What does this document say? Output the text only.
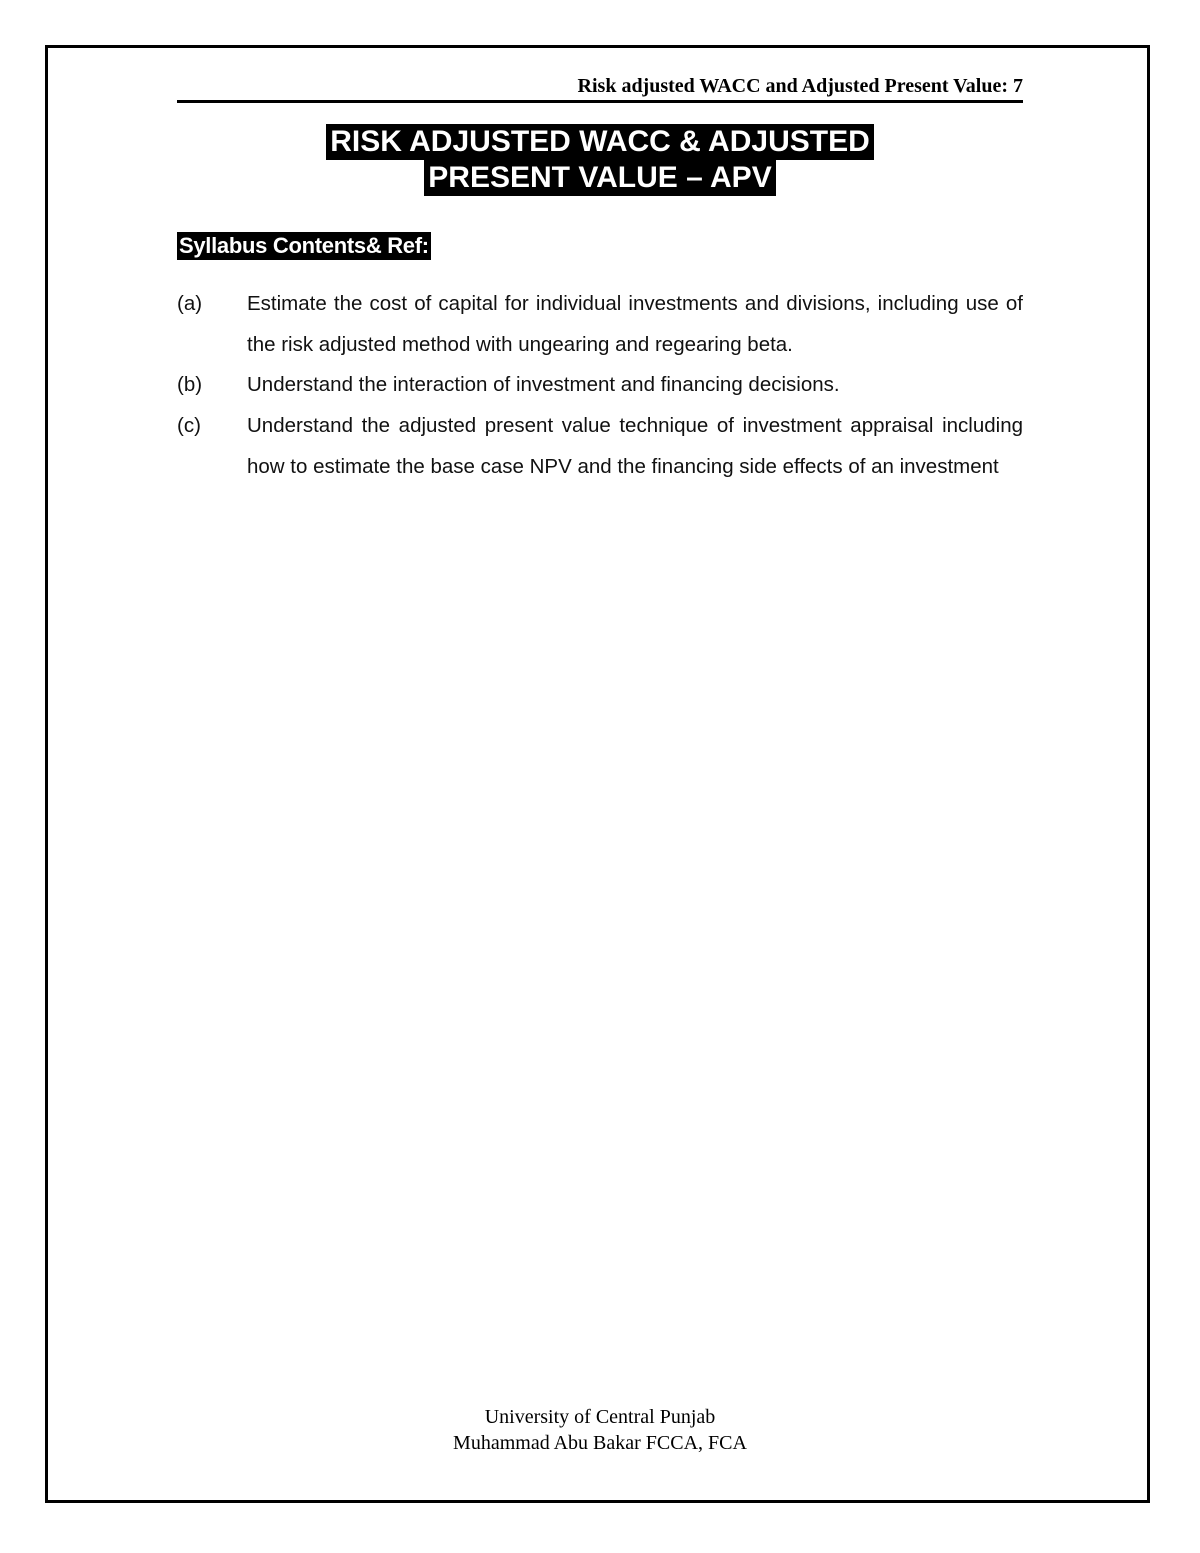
Risk adjusted WACC and Adjusted Present Value: 7
RISK ADJUSTED WACC & ADJUSTED
PRESENT VALUE – APV
Syllabus Contents& Ref:
(a) Estimate the cost of capital for individual investments and divisions, including use of the risk adjusted method with ungearing and regearing beta.
(b) Understand the interaction of investment and financing decisions.
(c) Understand the adjusted present value technique of investment appraisal including how to estimate the base case NPV and the financing side effects of an investment
University of Central Punjab
Muhammad Abu Bakar FCCA, FCA
